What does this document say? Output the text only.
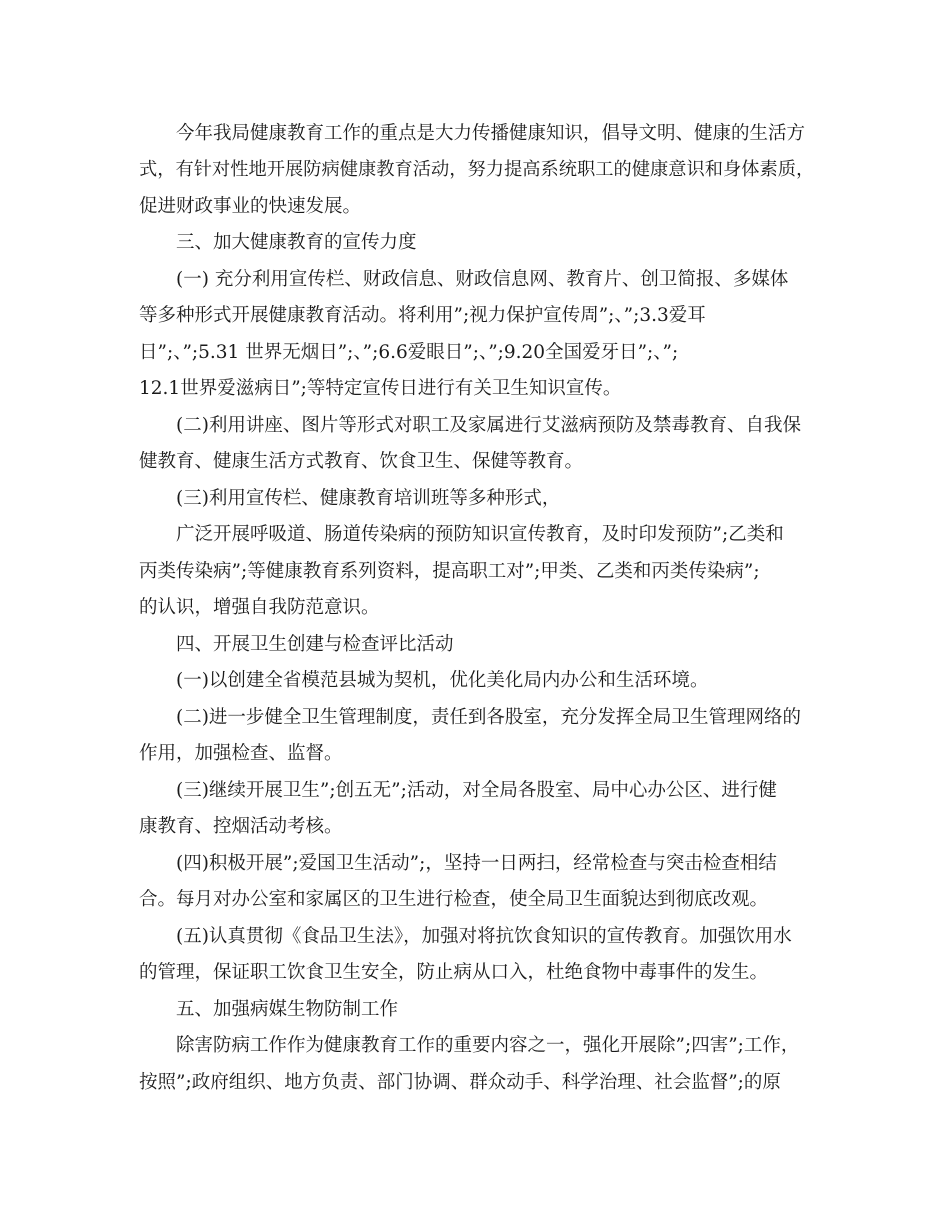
今年我局健康教育工作的重点是大力传播健康知识，倡导文明、健康的生活方

式，有针对性地开展防病健康教育活动，努力提高系统职工的健康意识和身体素质，

促进财政事业的快速发展。

三、加大健康教育的宣传力度

(一) 充分利用宣传栏、财政信息、财政信息网、教育片、创卫简报、多媒体

等多种形式开展健康教育活动。将利用”;视力保护宣传周”;、”;3.3爱耳

日”;、”;5.31 世界无烟日”;、”;6.6爱眼日”;、”;9.20全国爱牙日”;、”;

12.1世界爱滋病日”;等特定宣传日进行有关卫生知识宣传。

(二)利用讲座、图片等形式对职工及家属进行艾滋病预防及禁毒教育、自我保

健教育、健康生活方式教育、饮食卫生、保健等教育。

(三)利用宣传栏、健康教育培训班等多种形式，

广泛开展呼吸道、肠道传染病的预防知识宣传教育，及时印发预防”;乙类和

丙类传染病”;等健康教育系列资料，提高职工对”;甲类、乙类和丙类传染病”;

的认识，增强自我防范意识。

四、开展卫生创建与检查评比活动

(一)以创建全省模范县城为契机，优化美化局内办公和生活环境。

(二)进一步健全卫生管理制度，责任到各股室，充分发挥全局卫生管理网络的

作用，加强检查、监督。

(三)继续开展卫生”;创五无”;活动，对全局各股室、局中心办公区、进行健

康教育、控烟活动考核。

(四)积极开展”;爱国卫生活动”;，坚持一日两扫，经常检查与突击检查相结

合。每月对办公室和家属区的卫生进行检查，使全局卫生面貌达到彻底改观。

(五)认真贯彻《食品卫生法》，加强对将抗饮食知识的宣传教育。加强饮用水

的管理，保证职工饮食卫生安全，防止病从口入，杜绝食物中毒事件的发生。

五、加强病媒生物防制工作

除害防病工作作为健康教育工作的重要内容之一，强化开展除”;四害”;工作，

按照”;政府组织、地方负责、部门协调、群众动手、科学治理、社会监督”;的原
